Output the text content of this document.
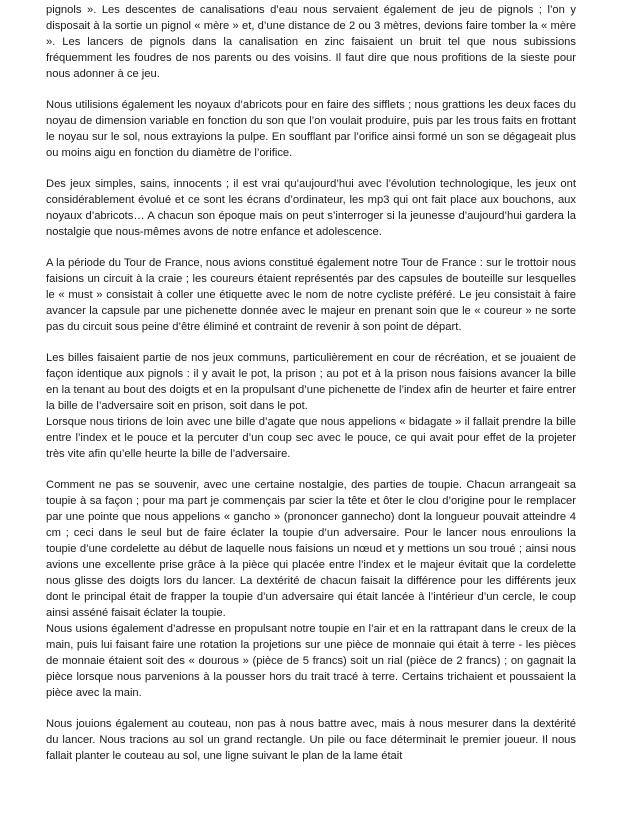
pignols ». Les descentes de canalisations d’eau nous servaient également de jeu de pignols ; l’on y disposait à la sortie un pignol « mère » et, d’une distance de 2 ou 3 mètres, devions faire tomber la « mère ». Les lancers de pignols dans la canalisation en zinc faisaient un bruit tel que nous subissions fréquemment les foudres de nos parents ou des voisins. Il faut dire que nous profitions de la sieste pour nous adonner à ce jeu.

Nous utilisions également les noyaux d’abricots pour en faire des sifflets ; nous grattions les deux faces du noyau de dimension variable en fonction du son que l’on voulait produire, puis par les trous faits en frottant le noyau sur le sol, nous extrayions la pulpe. En soufflant par l’orifice ainsi formé un son se dégageait plus ou moins aigu en fonction du diamètre de l’orifice.

Des jeux simples, sains, innocents ; il est vrai qu’aujourd’hui avec l’évolution technologique, les jeux ont considérablement évolué et ce sont les écrans d’ordinateur, les mp3 qui ont fait place aux bouchons, aux noyaux d’abricots… A chacun son époque mais on peut s’interroger si la jeunesse d’aujourd’hui gardera la nostalgie que nous-mêmes avons de notre enfance et adolescence.

A la période du Tour de France, nous avions constitué également notre Tour de France : sur le trottoir nous faisions un circuit à la craie ; les coureurs étaient représentés par des capsules de bouteille sur lesquelles le « must » consistait à coller une étiquette avec le nom de notre cycliste préféré. Le jeu consistait à faire avancer la capsule par une pichenette donnée avec le majeur en prenant soin que le « coureur » ne sorte pas du circuit sous peine d’être éliminé et contraint de revenir à son point de départ.

Les billes faisaient partie de nos jeux communs, particulièrement en cour de récréation, et se jouaient de façon identique aux pignols : il y avait le pot, la prison ; au pot et à la prison nous faisions avancer la bille en la tenant au bout des doigts et en la propulsant d’une pichenette de l’index afin de heurter et faire entrer la bille de l’adversaire soit en prison, soit dans le pot.

Lorsque nous tirions de loin avec une bille d’agate que nous appelions « bidagate » il fallait prendre la bille entre l’index et le pouce et la percuter d’un coup sec avec le pouce, ce qui avait pour effet de la projeter très vite afin qu’elle heurte la bille de l’adversaire.

Comment ne pas se souvenir, avec une certaine nostalgie, des parties de toupie. Chacun arrangeait sa toupie à sa façon ; pour ma part je commençais par scier la tête et ôter le clou d’origine pour le remplacer par une pointe que nous appelions « gancho » (prononcer gannecho) dont la longueur pouvait atteindre 4 cm ; ceci dans le seul but de faire éclater la toupie d’un adversaire. Pour le lancer nous enroulions la toupie d’une cordelette au début de laquelle nous faisions un nœud et y mettions un sou troué ; ainsi nous avions une excellente prise grâce à la pièce qui placée entre l’index et le majeur évitait que la cordelette nous glisse des doigts lors du lancer. La dextérité de chacun faisait la différence pour les différents jeux dont le principal était de frapper la toupie d’un adversaire qui était lancée à l’intérieur d’un cercle, le coup ainsi asséné faisait éclater la toupie.

Nous usions également d’adresse en propulsant notre toupie en l’air et en la rattrapant dans le creux de la main, puis lui faisant faire une rotation la projetions sur une pièce de monnaie qui était à terre - les pièces de monnaie étaient soit des « dourous » (pièce de 5 francs) soit un rial (pièce de 2 francs) ; on gagnait la pièce lorsque nous parvenions à la pousser hors du trait tracé à terre. Certains trichaient et poussaient la pièce avec la main.

Nous jouions également au couteau, non pas à nous battre avec, mais à nous mesurer dans la dextérité du lancer. Nous tracions au sol un grand rectangle. Un pile ou face déterminait le premier joueur. Il nous fallait planter le couteau au sol, une ligne suivant le plan de la lame était
